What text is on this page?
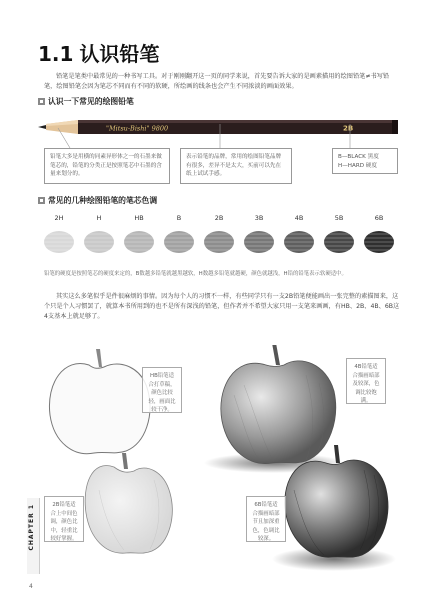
1.1 认识铅笔
铅笔是笔类中最常见的一种书写工具。对于刚刚翻开这一页的同学来说，首先要告诉大家的是画素描用的绘图铅笔≠书写铅笔，绘图铅笔会因为笔芯不同而有不同的软硬，所绘画的线条也会产生不同浓淡的画面效果。
认识一下常见的绘图铅笔
"Mitsu-Bishi" 9800	2B
铅笔大多是用横的同素异形体之一的石墨来做笔芯的，铅笔的分类正是按照笔芯中石墨的含量来划分的。
表示铅笔的品牌，常用的绘图铅笔品牌有很多，差异不是太大，买前可以先在纸上试试手感。
B—BLACK 黑度
H—HARD 硬度
常见的几种绘图铅笔的笔芯色调
2H	H	HB	B	2B	3B	4B	5B	6B
铅笔的硬度是按照笔芯的硬度来定的，B数越多铅笔就越黑越软，H数越多铅笔就越硬，颜色就越浅，H铅的铅笔表示软硬适中。
其实这么多笔似乎是件很麻烦的事情。因为每个人的习惯不一样，有些同学只有一支2B铅笔便能画出一张完整的素描图来，这个只是个人习惯罢了，就算本书所用到的也不是所有深浅的铅笔，但作者并不希望大家只用一支笔来画画，有HB、2B、4B、6B这4支基本上就足够了。
HB铅笔适合打草稿，颜色比较轻，画面比较干净。
4B铅笔适合描画暗部及较深，色调比较饱满。
2B铅笔适合上中间色调，颜色比中，轻重比较好掌握。
6B铅笔适合描画暗部节且加深重色，色调比较深。
CHAPTER 1
4
